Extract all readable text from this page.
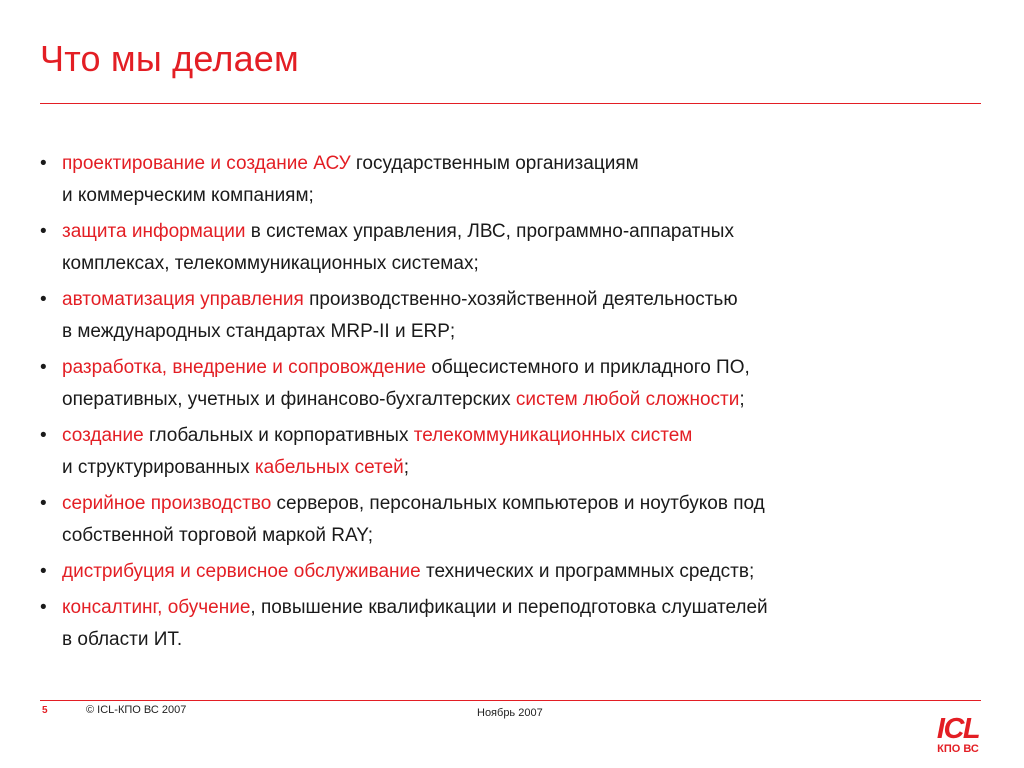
Что мы делаем
• проектирование и создание АСУ государственным организациям
и коммерческим компаниям;
• защита информации в системах управления, ЛВС, программно-аппаратных
комплексах, телекоммуникационных системах;
• автоматизация управления производственно-хозяйственной деятельностью
в международных стандартах MRP-II и ERP;
• разработка, внедрение и сопровождение общесистемного и прикладного ПО,
оперативных, учетных и финансово-бухгалтерских систем любой сложности;
• создание глобальных и корпоративных телекоммуникационных систем
и структурированных кабельных сетей;
• серийное производство серверов, персональных компьютеров и ноутбуков под
собственной торговой маркой RAY;
• дистрибуция и сервисное обслуживание технических и программных средств;
• консалтинг, обучение, повышение квалификации и переподготовка слушателей
в области ИТ.
5	© ICL-КПО ВС 2007	Ноябрь 2007	ICL
КПО ВС
